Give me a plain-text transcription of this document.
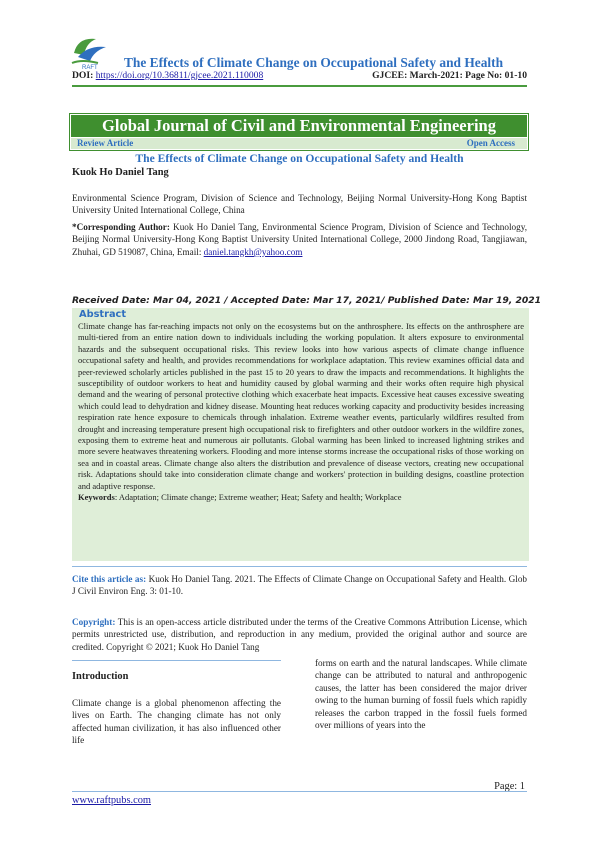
RAFT The Effects of Climate Change on Occupational Safety and Health
DOI: https://doi.org/10.36811/gjcee.2021.110008	GJCEE: March-2021: Page No: 01-10
Global Journal of Civil and Environmental Engineering
Review Article	Open Access
The Effects of Climate Change on Occupational Safety and Health
Kuok Ho Daniel Tang
Environmental Science Program, Division of Science and Technology, Beijing Normal University-Hong Kong Baptist University United International College, China
*Corresponding Author: Kuok Ho Daniel Tang, Environmental Science Program, Division of Science and Technology, Beijing Normal University-Hong Kong Baptist University United International College, 2000 Jindong Road, Tangjiawan, Zhuhai, GD 519087, China, Email: daniel.tangkh@yahoo.com
Received Date: Mar 04, 2021 / Accepted Date: Mar 17, 2021/ Published Date: Mar 19, 2021
Abstract
Climate change has far-reaching impacts not only on the ecosystems but on the anthrosphere. Its effects on the anthrosphere are multi-tiered from an entire nation down to individuals including the working population. It alters exposure to environmental hazards and the subsequent occupational risks. This review looks into how various aspects of climate change influence occupational safety and health, and provides recommendations for workplace adaptation. This review examines official data and peer-reviewed scholarly articles published in the past 15 to 20 years to draw the impacts and recommendations. It highlights the susceptibility of outdoor workers to heat and humidity caused by global warming and their works often require high physical demand and the wearing of personal protective clothing which exacerbate heat impacts. Excessive heat causes excessive sweating which could lead to dehydration and kidney disease. Mounting heat reduces working capacity and productivity besides increasing respiration rate hence exposure to chemicals through inhalation. Extreme weather events, particularly wildfires resulted from drought and increasing temperature present high occupational risk to firefighters and other outdoor workers in the wildfire zones, exposing them to extreme heat and numerous air pollutants. Global warming has been linked to increased lightning strikes and more severe heatwaves threatening workers. Flooding and more intense storms increase the occupational risks of those working on sea and in coastal areas. Climate change also alters the distribution and prevalence of disease vectors, creating new occupational risk. Adaptations should take into consideration climate change and workers' protection in building designs, coastline protection and adaptive response.
Keywords: Adaptation; Climate change; Extreme weather; Heat; Safety and health; Workplace
Cite this article as: Kuok Ho Daniel Tang. 2021. The Effects of Climate Change on Occupational Safety and Health. Glob J Civil Environ Eng. 3: 01-10.
Copyright: This is an open-access article distributed under the terms of the Creative Commons Attribution License, which permits unrestricted use, distribution, and reproduction in any medium, provided the original author and source are credited. Copyright © 2021; Kuok Ho Daniel Tang
Introduction
Climate change is a global phenomenon affecting the lives on Earth. The changing climate has not only affected human civilization, it has also influenced other life
forms on earth and the natural landscapes. While climate change can be attributed to natural and anthropogenic causes, the latter has been considered the major driver owing to the human burning of fossil fuels which rapidly releases the carbon trapped in the fossil fuels formed over millions of years into the
Page: 1
www.raftpubs.com
